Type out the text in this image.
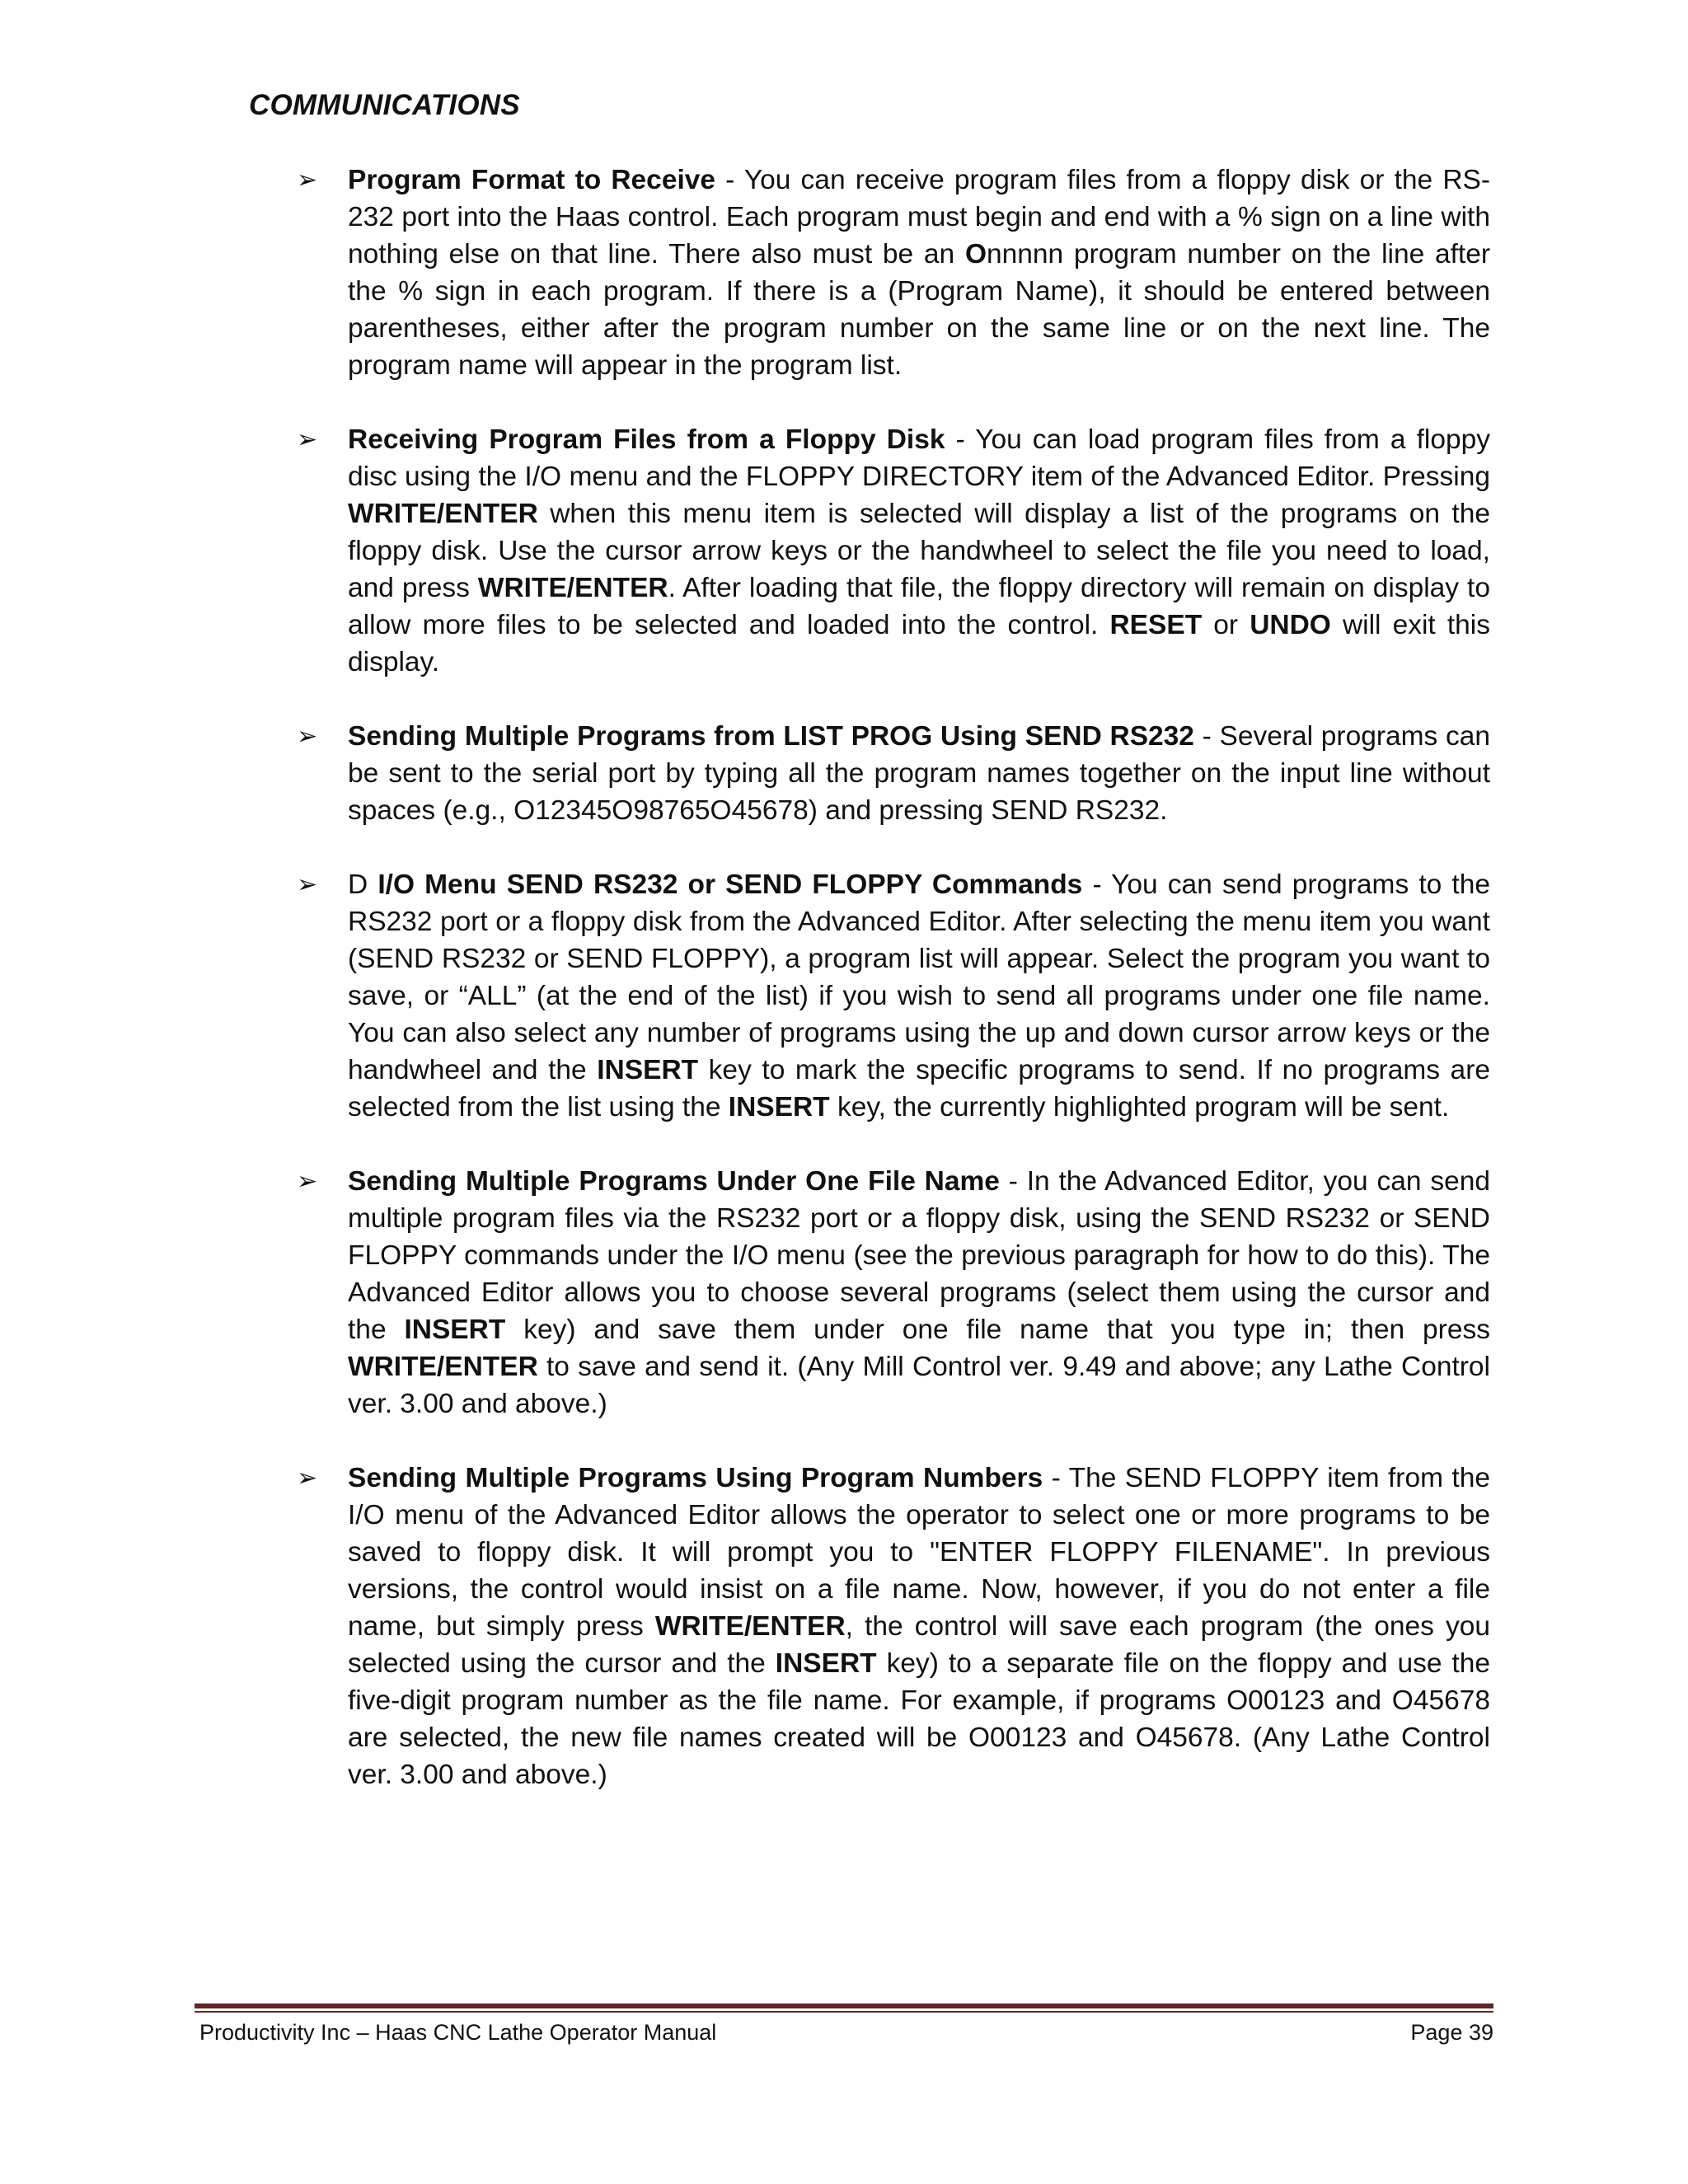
COMMUNICATIONS
➢	Program Format to Receive - You can receive program files from a floppy disk or the RS-232 port into the Haas control. Each program must begin and end with a % sign on a line with nothing else on that line. There also must be an Onnnnn program number on the line after the % sign in each program. If there is a (Program Name), it should be entered between parentheses, either after the program number on the same line or on the next line. The program name will appear in the program list.
➢	Receiving Program Files from a Floppy Disk - You can load program files from a floppy disc using the I/O menu and the FLOPPY DIRECTORY item of the Advanced Editor. Pressing WRITE/ENTER when this menu item is selected will display a list of the programs on the floppy disk. Use the cursor arrow keys or the handwheel to select the file you need to load, and press WRITE/ENTER. After loading that file, the floppy directory will remain on display to allow more files to be selected and loaded into the control. RESET or UNDO will exit this display.
➢	Sending Multiple Programs from LIST PROG Using SEND RS232 - Several programs can be sent to the serial port by typing all the program names together on the input line without spaces (e.g., O12345O98765O45678) and pressing SEND RS232.
➢	D I/O Menu SEND RS232 or SEND FLOPPY Commands - You can send programs to the RS232 port or a floppy disk from the Advanced Editor. After selecting the menu item you want (SEND RS232 or SEND FLOPPY), a program list will appear. Select the program you want to save, or “ALL” (at the end of the list) if you wish to send all programs under one file name. You can also select any number of programs using the up and down cursor arrow keys or the handwheel and the INSERT key to mark the specific programs to send. If no programs are selected from the list using the INSERT key, the currently highlighted program will be sent.
➢	Sending Multiple Programs Under One File Name - In the Advanced Editor, you can send multiple program files via the RS232 port or a floppy disk, using the SEND RS232 or SEND FLOPPY commands under the I/O menu (see the previous paragraph for how to do this). The Advanced Editor allows you to choose several programs (select them using the cursor and the INSERT key) and save them under one file name that you type in; then press WRITE/ENTER to save and send it. (Any Mill Control ver. 9.49 and above; any Lathe Control ver. 3.00 and above.)
➢	Sending Multiple Programs Using Program Numbers - The SEND FLOPPY item from the I/O menu of the Advanced Editor allows the operator to select one or more programs to be saved to floppy disk. It will prompt you to "ENTER FLOPPY FILENAME". In previous versions, the control would insist on a file name. Now, however, if you do not enter a file name, but simply press WRITE/ENTER, the control will save each program (the ones you selected using the cursor and the INSERT key) to a separate file on the floppy and use the five-digit program number as the file name. For example, if programs O00123 and O45678 are selected, the new file names created will be O00123 and O45678. (Any Lathe Control ver. 3.00 and above.)
Productivity Inc – Haas CNC Lathe Operator Manual	Page 39
